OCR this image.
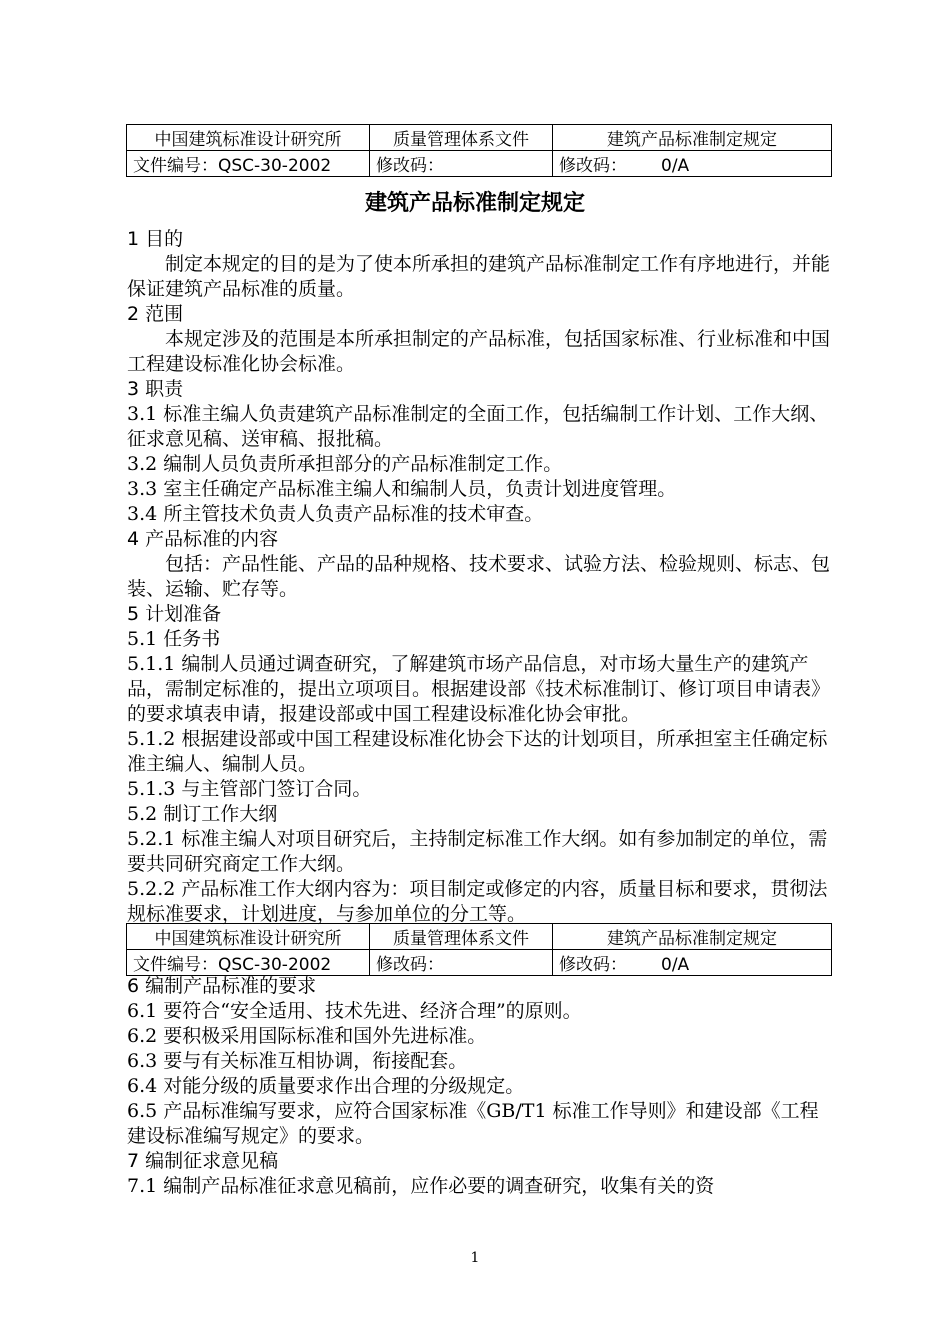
中国建筑标准设计研究所	质量管理体系文件	建筑产品标准制定规定
文件编号：QSC-30-2002	修改码：	修改码： 0/A
建筑产品标准制定规定

1 目的

制定本规定的目的是为了使本所承担的建筑产品标准制定工作有序地进行，并能保证建筑产品标准的质量。

2 范围

本规定涉及的范围是本所承担制定的产品标准，包括国家标准、行业标准和中国工程建设标准化协会标准。

3 职责

3.1 标准主编人负责建筑产品标准制定的全面工作，包括编制工作计划、工作大纲、征求意见稿、送审稿、报批稿。

3.2 编制人员负责所承担部分的产品标准制定工作。

3.3 室主任确定产品标准主编人和编制人员，负责计划进度管理。

3.4 所主管技术负责人负责产品标准的技术审查。

4 产品标准的内容

包括：产品性能、产品的品种规格、技术要求、试验方法、检验规则、标志、包装、运输、贮存等。

5 计划准备

5.1 任务书

5.1.1 编制人员通过调查研究，了解建筑市场产品信息，对市场大量生产的建筑产品，需制定标准的，提出立项项目。根据建设部《技术标准制订、修订项目申请表》的要求填表申请，报建设部或中国工程建设标准化协会审批。

5.1.2 根据建设部或中国工程建设标准化协会下达的计划项目，所承担室主任确定标准主编人、编制人员。

5.1.3 与主管部门签订合同。

5.2 制订工作大纲

5.2.1 标准主编人对项目研究后，主持制定标准工作大纲。如有参加制定的单位，需要共同研究商定工作大纲。

5.2.2 产品标准工作大纲内容为：项目制定或修定的内容，质量目标和要求，贯彻法规标准要求，计划进度，与参加单位的分工等。

中国建筑标准设计研究所	质量管理体系文件	建筑产品标准制定规定
文件编号：QSC-30-2002	修改码：	修改码： 0/A

6 编制产品标准的要求

6.1 要符合“安全适用、技术先进、经济合理”的原则。

6.2 要积极采用国际标准和国外先进标准。

6.3 要与有关标准互相协调，衔接配套。

6.4 对能分级的质量要求作出合理的分级规定。

6.5 产品标准编写要求，应符合国家标准《GB/T1 标准工作导则》和建设部《工程建设标准编写规定》的要求。

7 编制征求意见稿

7.1 编制产品标准征求意见稿前，应作必要的调查研究，收集有关的资

1
